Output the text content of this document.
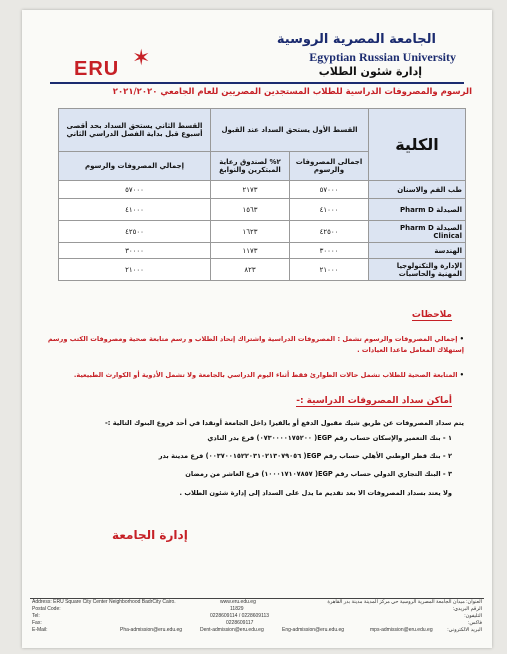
✶
ERU
الجامعة المصرية الروسية
Egyptian Russian University
إدارة شئون الطلاب
الرسوم والمصروفات الدراسية للطلاب المستجدين المصريين للعام الجامعي ٢٠٢١/٢٠٢٠
الكلية	القسط الأول يستحق السداد عند القبول		القسط الثاني يستحق السداد بحد أقصى أسبوع قبل بداية الفصل الدراسي الثاني
	اجمالى المصروفات والرسوم	٢% لصندوق رعاية المبتكرين والنوابغ	إجمالي المصروفات والرسوم
طب الفم والاسنان	٥٧٠٠٠	٢١٧٣	٥٧٠٠٠
الصيدلة Pharm D	٤١٠٠٠	١٥٦٣	٤١٠٠٠
الصيدلة Pharm D Clinical	٤٢٥٠٠	١٦٢٣	٤٢٥٠٠
الهندسة	٣٠٠٠٠	١١٧٣	٣٠٠٠٠
الإدارة والتكنولوجيا المهنية والحاسبات	٢١٠٠٠	٨٢٣	٢١٠٠٠
ملاحظات
• إجمالي المصروفات والرسوم تشمل : المصروفات الدراسية واشتراك إتحاد الطلاب و رسم متابعة صحية ومصروفات الكتب ورسم إستهلاك المعامل ماعدا العيادات .
• المتابعة الصحية للطلاب تشمل حالات الطوارئ فقط أثناء اليوم الدراسي بالجامعة ولا تشمل الأدوية أو الكوارث الطبيعية.
أماكن سداد المصروفات الدراسية :-
يتم سداد المصروفات عن طريق شيك مقبول الدفع أو بالفيزا داخل الجامعة أونقدا في أحد فروع البنوك التالية :-
١ - بنك التعمير والإسكان حساب رقم EGP( ٠٧٣٠٠٠٠١٧٥٢٠٠) فرع بدر النادي
٢ - بنك قطر الوطني الأهلي حساب رقم EGP( ٠٠٣٧٠٠١٥٢٢٠٣١٠٢١٣٠٧٩٠٥٦) فرع مدينة بدر
٣ - البنك التجاري الدولي حساب رقم EGP( ١٠٠٠١٧١٠٧٨٥٧) فرع العاشر من رمضان
ولا يعتد بسداد المصروفات الا بعد تقديم ما يدل على السداد إلى إدارة شئون الطلاب .
إدارة الجامعة
Address: ERU Square City Center Neighborhood BadrCity Cairo.	www.eru.edu.eg	العنوان: ميدان الجامعة المصرية الروسية حي مركز المدينة مدينة بدر القاهرة
Postal Code:	11829	الرقم البريدي:
Tel:	0228609114 / 0228609113	التليفون:
Fax:	0228609117	فاكس:
E-Mail:	Pha-admission@eru.edu.eg	Dent-admission@eru.edu.eg	Eng-admission@eru.edu.eg	mps-admission@eru.edu.eg	البريد الالكتروني:
